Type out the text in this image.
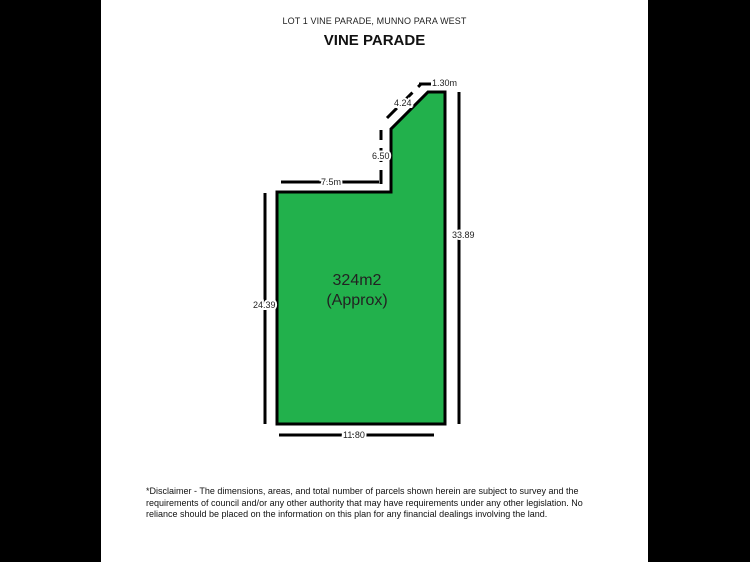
LOT 1 VINE PARADE, MUNNO PARA WEST
VINE PARADE
7.5m
6.50
4.24
1.30m
33.89
24.39
11.80
324m2
(Approx)
*Disclaimer - The dimensions, areas, and total number of parcels shown herein are subject to survey and the requirements of council and/or any other authority that may have requirements under any other legislation. No reliance should be placed on the information on this plan for any financial dealings involving the land.
